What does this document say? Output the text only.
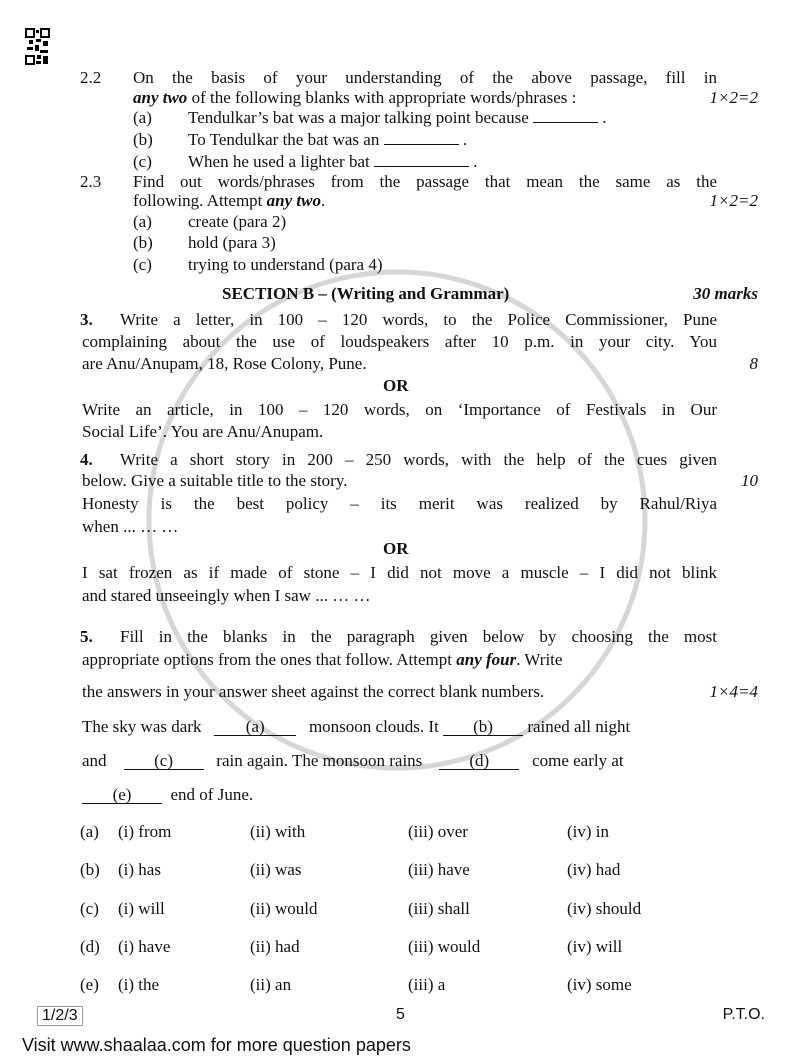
2.2 On the basis of your understanding of the above passage, fill in
any two of the following blanks with appropriate words/phrases :	1×2=2
(a) Tendulkar’s bat was a major talking point because	.
(b) To Tendulkar the bat was an	.
(c) When he used a lighter bat	.
2.3 Find out words/phrases from the passage that mean the same as the
following. Attempt any two.	1×2=2
(a) create (para 2)
(b) hold (para 3)
(c) trying to understand (para 4)
SECTION B – (Writing and Grammar)	30 marks
3. Write a letter, in 100 – 120 words, to the Police Commissioner, Pune
complaining about the use of loudspeakers after 10 p.m. in your city. You
are Anu/Anupam, 18, Rose Colony, Pune.	8
OR
Write an article, in 100 – 120 words, on ‘Importance of Festivals in Our
Social Life’. You are Anu/Anupam.
4. Write a short story in 200 – 250 words, with the help of the cues given
below. Give a suitable title to the story.	10
Honesty is the best policy – its merit was realized by Rahul/Riya
when ... … …
OR
I sat frozen as if made of stone – I did not move a muscle – I did not blink
and stared unseeingly when I saw ... … …
5. Fill in the blanks in the paragraph given below by choosing the most
appropriate options from the ones that follow. Attempt any four. Write
the answers in your answer sheet against the correct blank numbers.	1×4=4
The sky was dark	(a)	monsoon clouds. It (b) rained all night
and	(c)	rain again. The monsoon rains	(d)	come early at
(e) end of June.
(a) (i) from	(ii) with	(iii) over	(iv) in
(b) (i) has	(ii) was	(iii) have	(iv) had
(c) (i) will	(ii) would	(iii) shall	(iv) should
(d) (i) have	(ii) had	(iii) would	(iv) will
(e) (i) the	(ii) an	(iii) a	(iv) some
1/2/3	5	P.T.O.
Visit www.shaalaa.com for more question papers
